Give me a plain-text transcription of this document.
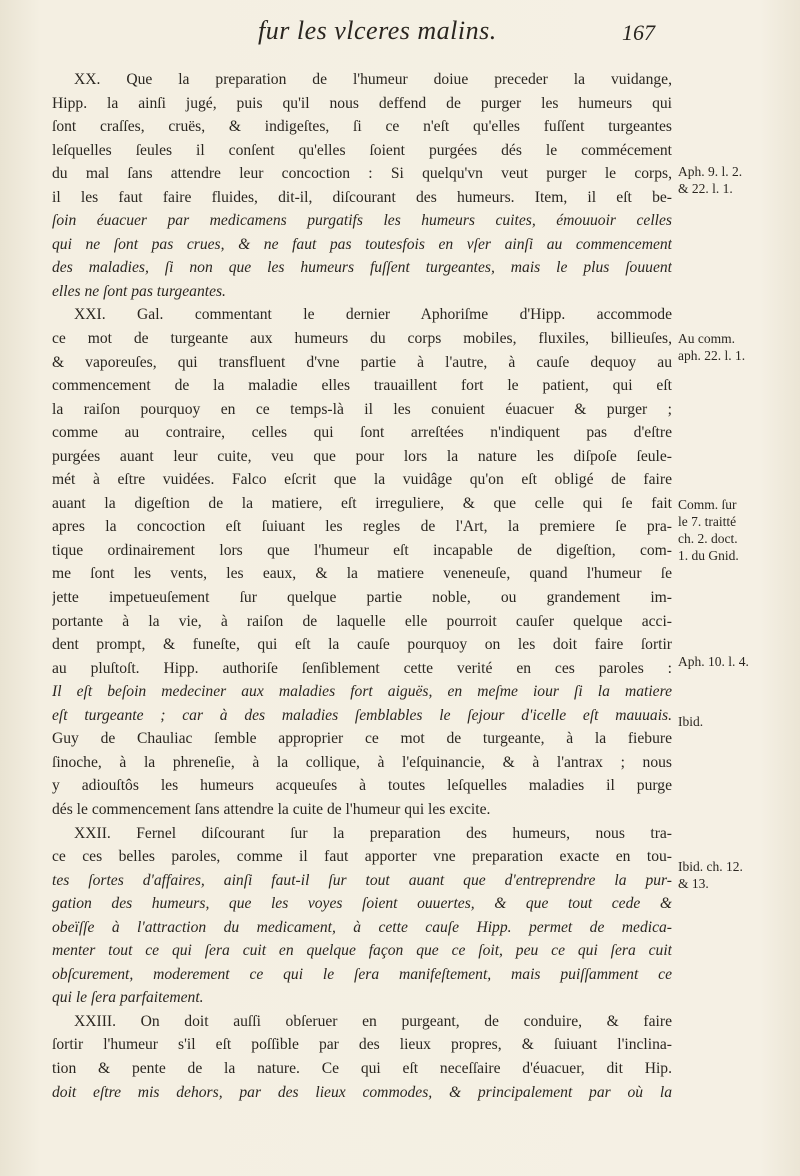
fur les vlceres malins.	167
XX. Que la preparation de l'humeur doiue preceder la vuidange,
Hipp. la ainſi jugé, puis qu'il nous deffend de purger les humeurs qui
ſont craſſes, cruës, & indigeſtes, ſi ce n'eſt qu'elles fuſſent turgeantes
leſquelles ſeules il conſent qu'elles ſoient purgées dés le commécement
du mal ſans attendre leur concoction : Si quelqu'vn veut purger le corps,
il les faut faire fluides, dit-il, diſcourant des humeurs. Item, il eſt be-
ſoin éuacuer par medicamens purgatifs les humeurs cuites, émouuoir celles
qui ne ſont pas crues, & ne faut pas toutesfois en vſer ainſi au commencement
des maladies, ſi non que les humeurs fuſſent turgeantes, mais le plus ſouuent
elles ne ſont pas turgeantes.
XXI. Gal. commentant le dernier Aphoriſme d'Hipp. accommode
ce mot de turgeante aux humeurs du corps mobiles, fluxiles, billieuſes,
& vaporeuſes, qui transfluent d'vne partie à l'autre, à cauſe dequoy au
commencement de la maladie elles trauaillent fort le patient, qui eſt
la raiſon pourquoy en ce temps-là il les conuient éuacuer & purger ;
comme au contraire, celles qui ſont arreſtées n'indiquent pas d'eſtre
purgées auant leur cuite, veu que pour lors la nature les diſpoſe ſeule-
mét à eſtre vuidées. Falco eſcrit que la vuidâge qu'on eſt obligé de faire
auant la digeſtion de la matiere, eſt irreguliere, & que celle qui ſe fait
apres la concoction eſt ſuiuant les regles de l'Art, la premiere ſe pra-
tique ordinairement lors que l'humeur eſt incapable de digeſtion, com-
me ſont les vents, les eaux, & la matiere veneneuſe, quand l'humeur ſe
jette impetueuſement ſur quelque partie noble, ou grandement im-
portante à la vie, à raiſon de laquelle elle pourroit cauſer quelque acci-
dent prompt, & funeſte, qui eſt la cauſe pourquoy on les doit faire ſortir
au pluſtoſt. Hipp. authoriſe ſenſiblement cette verité en ces paroles :
Il eſt beſoin medeciner aux maladies fort aiguës, en meſme iour ſi la matiere
eſt turgeante ; car à des maladies ſemblables le ſejour d'icelle eſt mauuais.
Guy de Chauliac ſemble approprier ce mot de turgeante, à la fiebure
ſinoche, à la phreneſie, à la collique, à l'eſquinancie, & à l'antrax ; nous
y adiouſtôs les humeurs acqueuſes à toutes leſquelles maladies il purge
dés le commencement ſans attendre la cuite de l'humeur qui les excite.
XXII. Fernel diſcourant ſur la preparation des humeurs, nous tra-
ce ces belles paroles, comme il faut apporter vne preparation exacte en tou-
tes ſortes d'affaires, ainſi faut-il ſur tout auant que d'entreprendre la pur-
gation des humeurs, que les voyes ſoient ouuertes, & que tout cede &
obeïſſe à l'attraction du medicament, à cette cauſe Hipp. permet de medica-
menter tout ce qui ſera cuit en quelque façon que ce ſoit, peu ce qui ſera cuit
obſcurement, moderement ce qui le ſera manifeſtement, mais puiſſamment ce
qui le ſera parfaitement.
XXIII. On doit auſſi obſeruer en purgeant, de conduire, & faire
ſortir l'humeur s'il eſt poſſible par des lieux propres, & ſuiuant l'inclina-
tion & pente de la nature. Ce qui eſt neceſſaire d'éuacuer, dit Hip.
doit eſtre mis dehors, par des lieux commodes, & principalement par où la
Aph. 9. l. 2.
& 22. l. 1.
Au comm.
aph. 22. l. 1.
Comm. ſur
le 7. traitté
ch. 2. doct.
1. du Gnid.
Aph. 10. l. 4.
Ibid.
Ibid. ch. 12.
& 13.
